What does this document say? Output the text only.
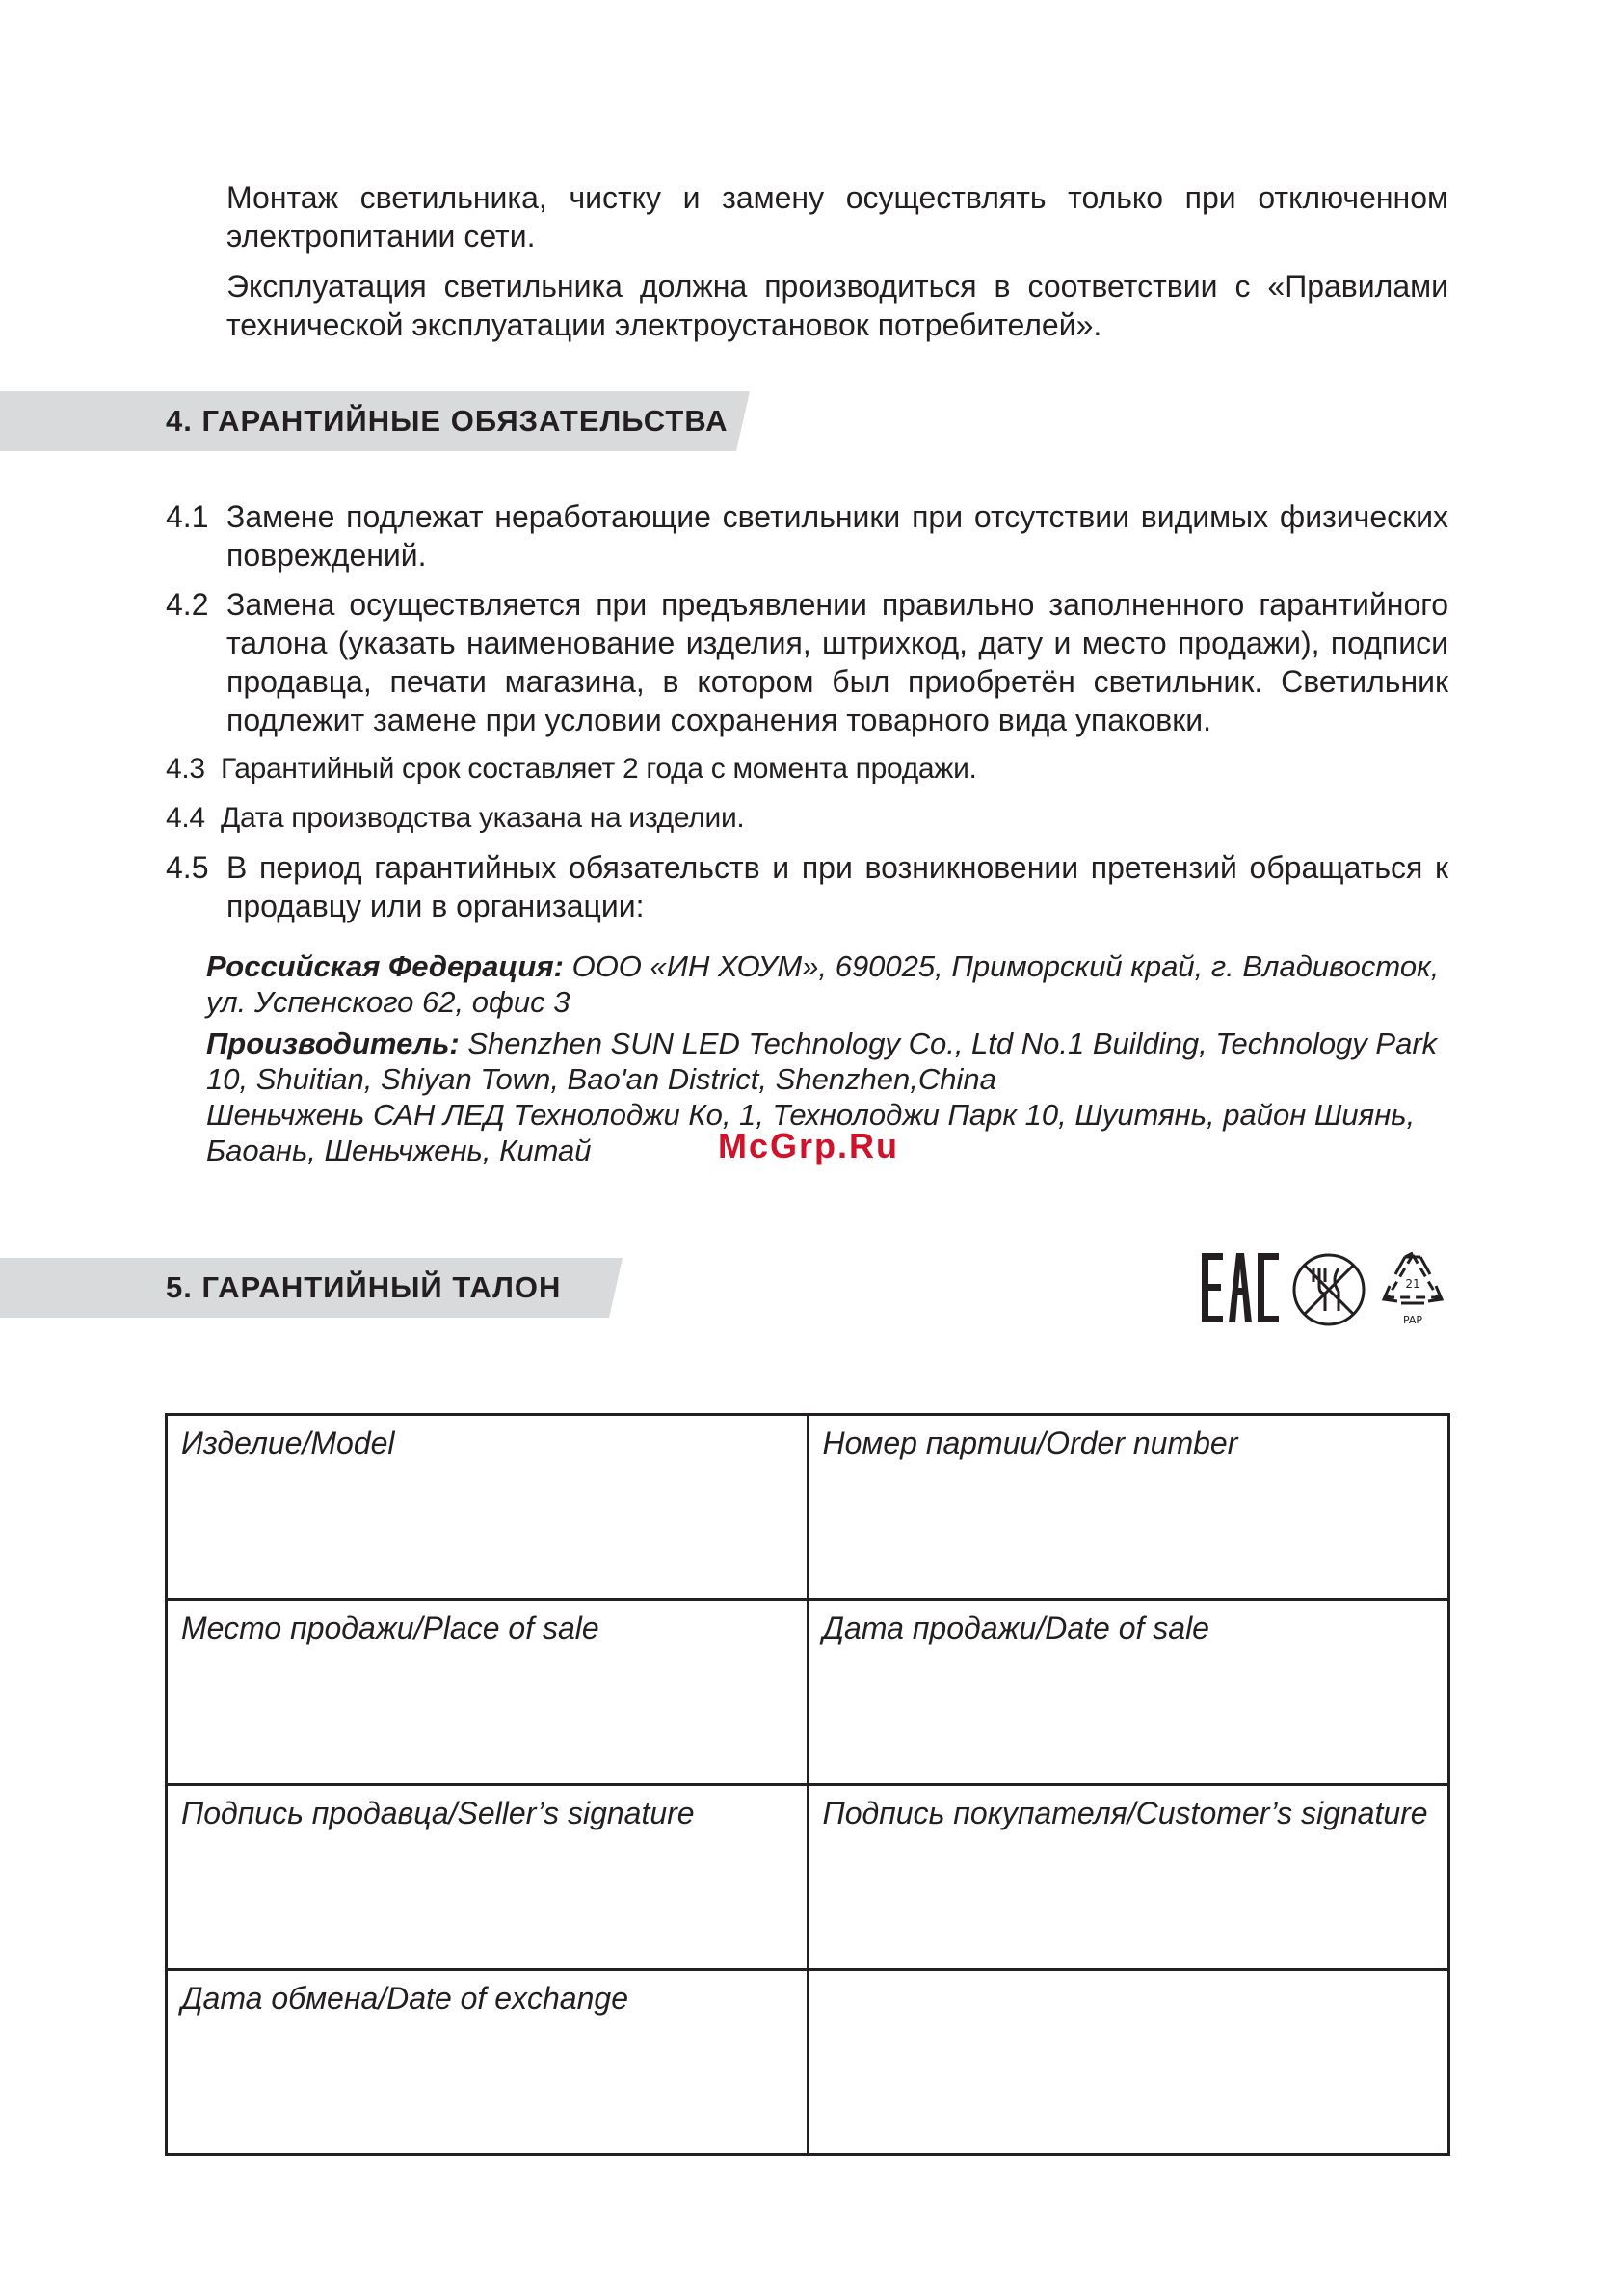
Монтаж светильника, чистку и замену осуществлять только при отключенном электропитании сети.

Эксплуатация светильника должна производиться в соответствии с «Правилами технической эксплуатации электроустановок потребителей».

4. ГАРАНТИЙНЫЕ ОБЯЗАТЕЛЬСТВА

4.1 Замене подлежат неработающие светильники при отсутствии видимых физических повреждений.

4.2 Замена осуществляется при предъявлении правильно заполненного гарантийного талона (указать наименование изделия, штрихкод, дату и место продажи), подписи продавца, печати магазина, в котором был приобретён светильник. Светильник подлежит замене при условии сохранения товарного вида упаковки.

4.3 Гарантийный срок составляет 2 года с момента продажи.

4.4 Дата производства указана на изделии.

4.5 В период гарантийных обязательств и при возникновении претензий обращаться к продавцу или в организации:

Российская Федерация: ООО «ИН ХОУМ», 690025, Приморский край, г. Владивосток, ул. Успенского 62, офис 3

Производитель: Shenzhen SUN LED Technology Co., Ltd No.1 Building, Technology Park 10, Shuitian, Shiyan Town, Bao'an District, Shenzhen,China

Шеньчжень САН ЛЕД Технолоджи Ко, 1, Технолоджи Парк 10, Шуитянь, район Шиянь, Баоань, Шеньчжень, Китай	McGrp.Ru
5. ГАРАНТИЙНЫЙ ТАЛОН	21
PAP
Изделие/Model	Номер партии/Order number
Место продажи/Place of sale	Дата продажи/Date of sale
Подпись продавца/Seller’s signature	Подпись покупателя/Customer’s signature
Дата обмена/Date of exchange	
